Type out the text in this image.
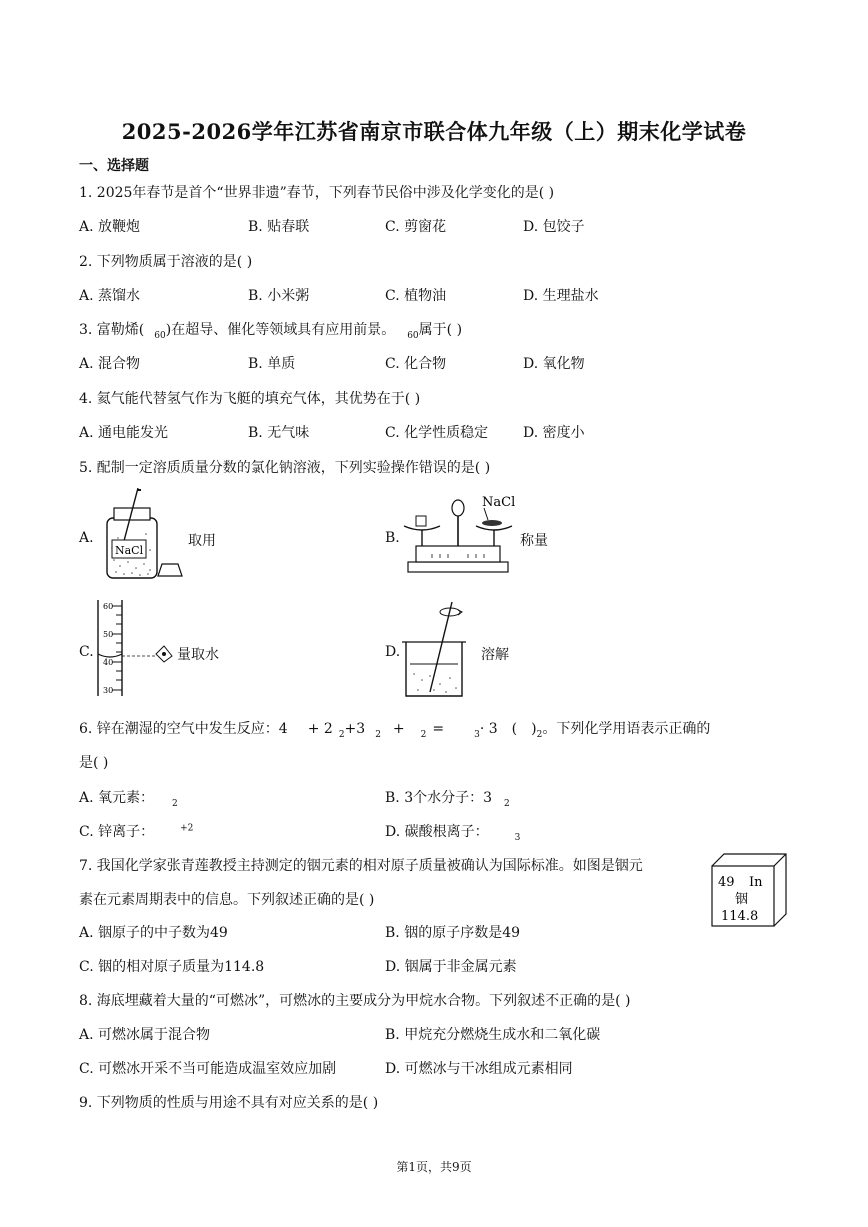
2025-2026学年江苏省南京市联合体九年级（上）期末化学试卷
一、选择题
1. 2025年春节是首个“世界非遗”春节，下列春节民俗中涉及化学变化的是( )
A. 放鞭炮	B. 贴春联	C. 剪窗花	D. 包饺子
2. 下列物质属于溶液的是( )
A. 蒸馏水	B. 小米粥	C. 植物油	D. 生理盐水
3. 富勒烯( $_{60}$)在超导、催化等领域具有应用前景。 $_{60}$属于( )
A. 混合物	B. 单质	C. 化合物	D. 氧化物
4. 氦气能代替氢气作为飞艇的填充气体，其优势在于( )
A. 通电能发光	B. 无气味	C. 化学性质稳定 D. 密度小
5. 配制一定溶质质量分数的氯化钠溶液，下列实验操作错误的是( )
A.
NaCl
取用	B.
NaCl
称量
C.
60
50
40
30
量取水	D.	溶解
6. 锌在潮湿的空气中发生反应：4 + 2 $_2$+3 $_2$ + $_2$ =	$_3$· 3 ( )$_2$。下列化学用语表示正确的
是( )
A. 氧元素： $_2$	B. 3个水分子：3 $_2$
C. 锌离子：	$^{+2}$	D. 碳酸根离子：	$_3$
7. 我国化学家张青莲教授主持测定的铟元素的相对原子质量被确认为国际标准。如图是铟元
素在元素周期表中的信息。下列叙述正确的是( )
A. 铟原子的中子数为49	B. 铟的原子序数是49
C. 铟的相对原子质量为114.8	D. 铟属于非金属元素
49 In
铟
114.8
8. 海底埋藏着大量的“可燃冰”，可燃冰的主要成分为甲烷水合物。下列叙述不正确的是( )
A. 可燃冰属于混合物	B. 甲烷充分燃烧生成水和二氧化碳
C. 可燃冰开采不当可能造成温室效应加剧	D. 可燃冰与干冰组成元素相同
9. 下列物质的性质与用途不具有对应关系的是( )
第1页，共9页
